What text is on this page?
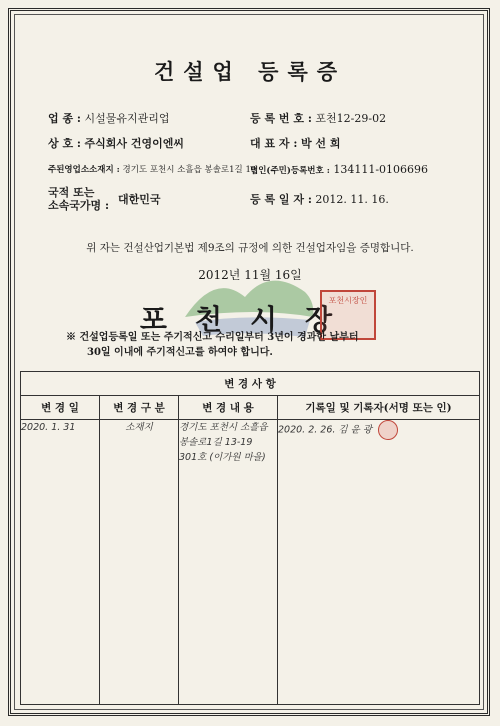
건설업 등록증
업 종 : 시설물유지관리업
상 호 : 주식회사 건영이엔씨
주된영업소소재지 : 경기도 포천시 소흘읍 봉솔로1길 19
국적 또는
소속국가명 : 대한민국
등 록 번 호 : 포천12-29-02
대 표 자 : 박 선 희
법인(주민)등록번호 : 134111-0106696
등 록 일 자 : 2012. 11. 16.
위 자는 건설산업기본법 제9조의 규정에 의한 건설업자임을 증명합니다.
2012년 11월 16일
포천시장
포천시장인
※ 건설업등록일 또는 주기적신고 수리일부터 3년이 경과한 날부터
30일 이내에 주기적신고를 하여야 합니다.
변 경 사 항			
변 경 일	변 경 구 분	변 경 내 용	기록일 및 기록자(서명 또는 인)
2020. 1. 31	소재지	경기도 포천시 소흘읍
봉솔로1길 13-19
301호 (이가원 마을)	2020. 2. 26. 김 윤 광
